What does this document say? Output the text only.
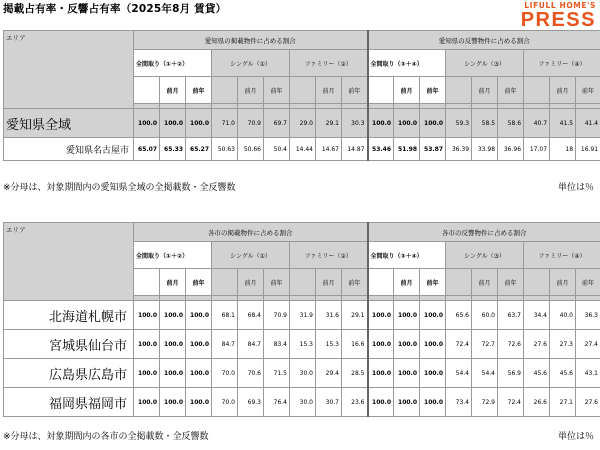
掲載占有率・反響占有率（2025年8月 賃貸）	LIFULL HOME'S
PRESS
エリア	愛知県の掲載物件に占める割合									愛知県の反響物件に占める割合								
	全間取り（①＋②）			シングル（①）			ファミリー（②）			全間取り（③＋④）			シングル（③）			ファミリー（④）		
		前月	前年		前月	前年		前月	前年		前月	前年		前月	前年		前月	前年

愛知県全域	100.0	100.0	100.0	71.0	70.9	69.7	29.0	29.1	30.3	100.0	100.0	100.0	59.3	58.5	58.6	40.7	41.5	41.4
愛知県名古屋市	65.07	65.33	65.27	50.63	50.66	50.4	14.44	14.67	14.87	53.46	51.98	53.87	36.39	33.98	36.96	17.07	18	16.91
※分母は、対象期間内の愛知県全域の全掲載数・全反響数	単位は％
エリア	各市の掲載物件に占める割合									各市の反響物件に占める割合								
	全間取り（①＋②）			シングル（①）			ファミリー（②）			全間取り（③＋④）			シングル（③）			ファミリー（④）		
		前月	前年		前月	前年		前月	前年		前月	前年		前月	前年		前月	前年

北海道札幌市	100.0	100.0	100.0	68.1	68.4	70.9	31.9	31.6	29.1	100.0	100.0	100.0	65.6	60.0	63.7	34.4	40.0	36.3
宮城県仙台市	100.0	100.0	100.0	84.7	84.7	83.4	15.3	15.3	16.6	100.0	100.0	100.0	72.4	72.7	72.6	27.6	27.3	27.4
広島県広島市	100.0	100.0	100.0	70.0	70.6	71.5	30.0	29.4	28.5	100.0	100.0	100.0	54.4	54.4	56.9	45.6	45.6	43.1
福岡県福岡市	100.0	100.0	100.0	70.0	69.3	76.4	30.0	30.7	23.6	100.0	100.0	100.0	73.4	72.9	72.4	26.6	27.1	27.6
※分母は、対象期間内の各市の全掲載数・全反響数	単位は％
